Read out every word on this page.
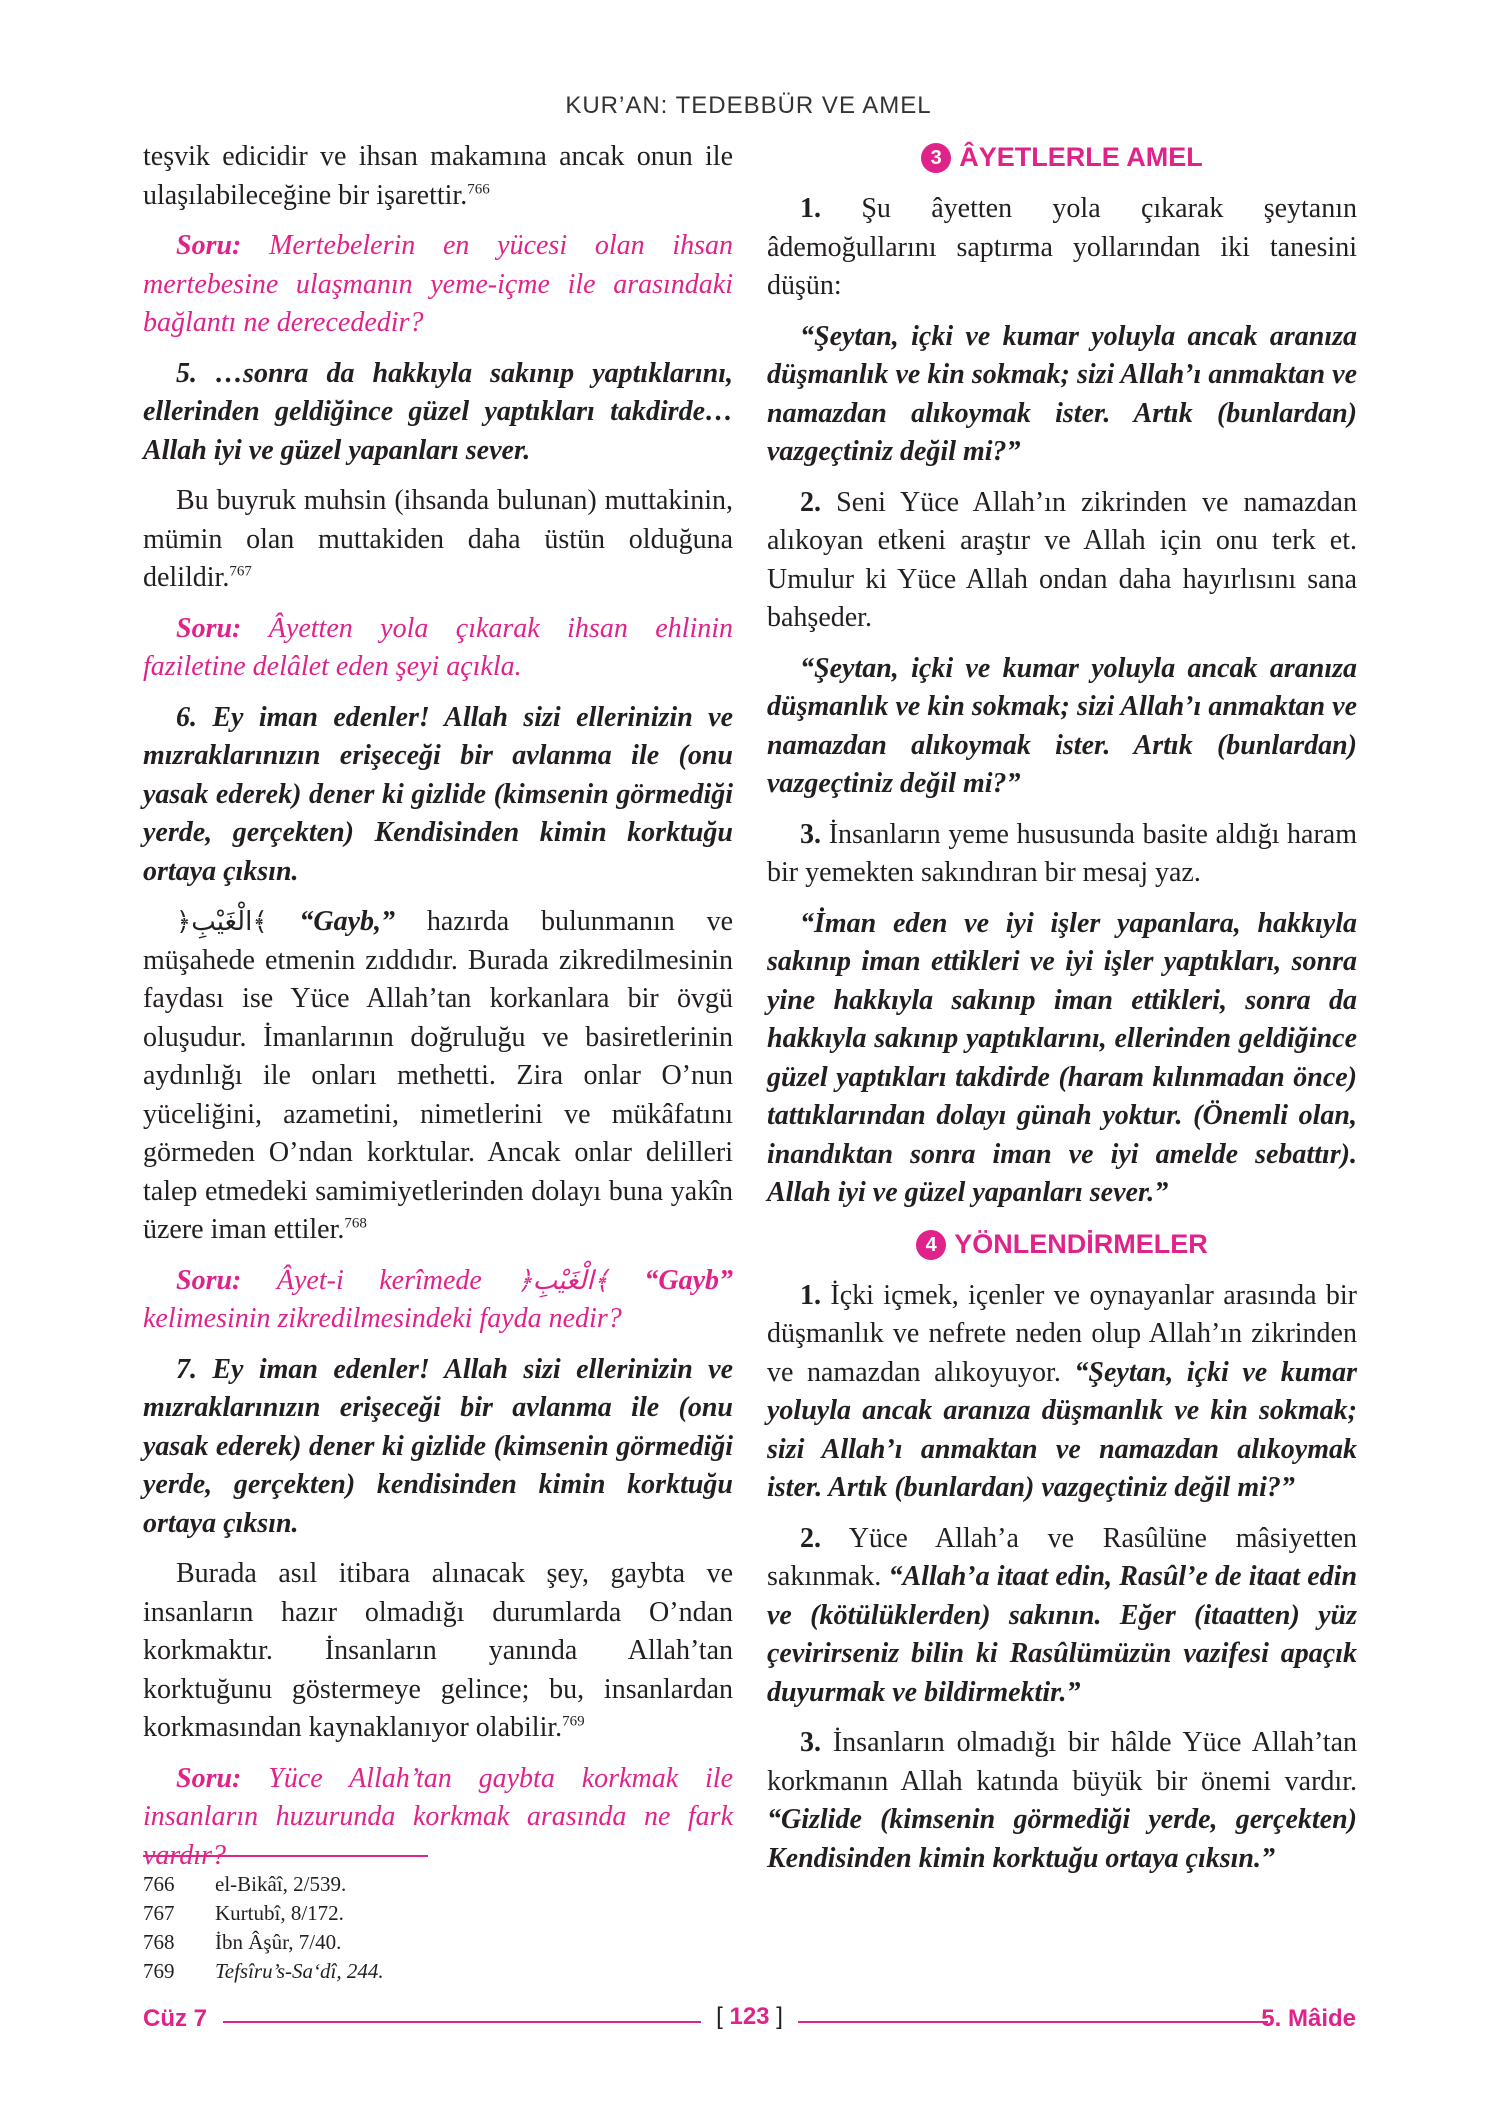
KUR’AN: TEDEBBÜR VE AMEL

teşvik edicidir ve ihsan makamına ancak onun ile ulaşılabileceğine bir işarettir.$^{766}$

Soru: Mertebelerin en yücesi olan ihsan mertebesine ulaşmanın yeme-içme ile arasındaki bağlantı ne derecededir?

5. …sonra da hakkıyla sakınıp yaptıklarını, ellerinden geldiğince güzel yaptıkları takdirde… Allah iyi ve güzel yapanları sever.

Bu buyruk muhsin (ihsanda bulunan) muttakinin, mümin olan muttakiden daha üstün olduğuna delildir.$^{767}$

Soru: Âyetten yola çıkarak ihsan ehlinin faziletine delâlet eden şeyi açıkla.

6. Ey iman edenler! Allah sizi ellerinizin ve mızraklarınızın erişeceği bir avlanma ile (onu yasak ederek) dener ki gizlide (kimsenin görmediği yerde, gerçekten) Kendisinden kimin korktuğu ortaya çıksın.

﴿الْغَيْبِ﴾ “Gayb,” hazırda bulunmanın ve müşahede etmenin zıddıdır. Burada zikredilmesinin faydası ise Yüce Allah’tan korkanlara bir övgü oluşudur. İmanlarının doğruluğu ve basiretlerinin aydınlığı ile onları methetti. Zira onlar O’nun yüceliğini, azametini, nimetlerini ve mükâfatını görmeden O’ndan korktular. Ancak onlar delilleri talep etmedeki samimiyetlerinden dolayı buna yakîn üzere iman ettiler.$^{768}$

Soru: Âyet-i kerîmede ﴿الْغَيْبِ﴾ “Gayb” kelimesinin zikredilmesindeki fayda nedir?

7. Ey iman edenler! Allah sizi ellerinizin ve mızraklarınızın erişeceği bir avlanma ile (onu yasak ederek) dener ki gizlide (kimsenin görmediği yerde, gerçekten) kendisinden kimin korktuğu ortaya çıksın.

Burada asıl itibara alınacak şey, gaybta ve insanların hazır olmadığı durumlarda O’ndan korkmaktır. İnsanların yanında Allah’tan korktuğunu göstermeye gelince; bu, insanlardan korkmasından kaynaklanıyor olabilir.$^{769}$

Soru: Yüce Allah’tan gaybta korkmak ile insanların huzurunda korkmak arasında ne fark vardır?

3 ÂYETLERLE AMEL

1. Şu âyetten yola çıkarak şeytanın âdemoğullarını saptırma yollarından iki tanesini düşün:

“Şeytan, içki ve kumar yoluyla ancak aranıza düşmanlık ve kin sokmak; sizi Allah’ı anmaktan ve namazdan alıkoymak ister. Artık (bunlardan) vazgeçtiniz değil mi?”

2. Seni Yüce Allah’ın zikrinden ve namazdan alıkoyan etkeni araştır ve Allah için onu terk et. Umulur ki Yüce Allah ondan daha hayırlısını sana bahşeder.

“Şeytan, içki ve kumar yoluyla ancak aranıza düşmanlık ve kin sokmak; sizi Allah’ı anmaktan ve namazdan alıkoymak ister. Artık (bunlardan) vazgeçtiniz değil mi?”

3. İnsanların yeme hususunda basite aldığı haram bir yemekten sakındıran bir mesaj yaz.

“İman eden ve iyi işler yapanlara, hakkıyla sakınıp iman ettikleri ve iyi işler yaptıkları, sonra yine hakkıyla sakınıp iman ettikleri, sonra da hakkıyla sakınıp yaptıklarını, ellerinden geldiğince güzel yaptıkları takdirde (haram kılınmadan önce) tattıklarından dolayı günah yoktur. (Önemli olan, inandıktan sonra iman ve iyi amelde sebattır). Allah iyi ve güzel yapanları sever.”

4 YÖNLENDİRMELER

1. İçki içmek, içenler ve oynayanlar arasında bir düşmanlık ve nefrete neden olup Allah’ın zikrinden ve namazdan alıkoyuyor. “Şeytan, içki ve kumar yoluyla ancak aranıza düşmanlık ve kin sokmak; sizi Allah’ı anmaktan ve namazdan alıkoymak ister. Artık (bunlardan) vazgeçtiniz değil mi?”

2. Yüce Allah’a ve Rasûlüne mâsiyetten sakınmak. “Allah’a itaat edin, Rasûl’e de itaat edin ve (kötülüklerden) sakının. Eğer (itaatten) yüz çevirirseniz bilin ki Rasûlümüzün vazifesi apaçık duyurmak ve bildirmektir.”

3. İnsanların olmadığı bir hâlde Yüce Allah’tan korkmanın Allah katında büyük bir önemi vardır. “Gizlide (kimsenin görmediği yerde, gerçekten) Kendisinden kimin korktuğu ortaya çıksın.”

766	el-Bikâî, 2/539.
767	Kurtubî, 8/172.
768	İbn Âşûr, 7/40.
769	Tefsîru’s-Sa‘dî, 244.
Cüz 7	[ 123 ]	5. Mâide
